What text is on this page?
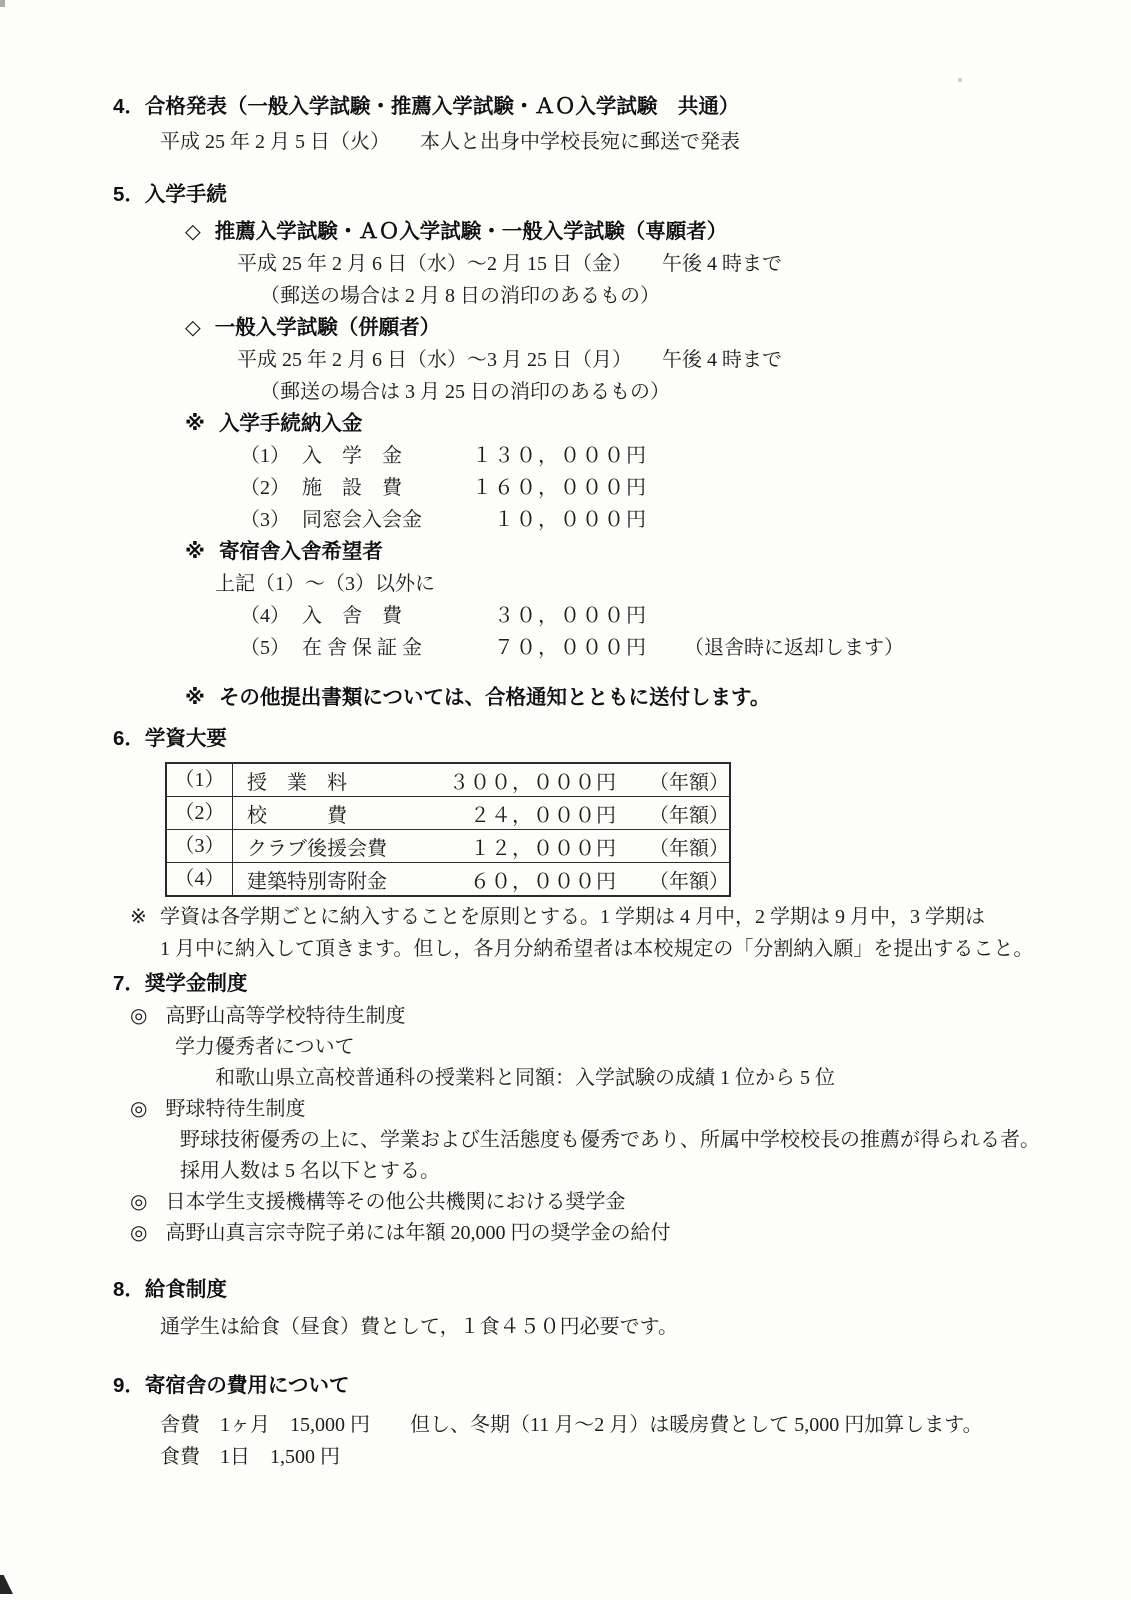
4．合格発表（一般入学試験・推薦入学試験・ＡＯ入学試験　共通）
平成 25 年 2 月 5 日（火）　　本人と出身中学校長宛に郵送で発表
5．入学手続
◇ 推薦入学試験・ＡＯ入学試験・一般入学試験（専願者）
平成 25 年 2 月 6 日（水）～2 月 15 日（金）　　午後 4 時まで
（郵送の場合は 2 月 8 日の消印のあるもの）
◇ 一般入学試験（併願者）
平成 25 年 2 月 6 日（水）～3 月 25 日（月）　　午後 4 時まで
（郵送の場合は 3 月 25 日の消印のあるもの）
※ 入学手続納入金
（1） 入　学　金	１３０，０００円
（2） 施　設　費	１６０，０００円
（3） 同窓会入会金	１０，０００円
※ 寄宿舎入舎希望者
上記（1）～（3）以外に
（4） 入　舎　費	３０，０００円
（5） 在 舎 保 証 金	７０，０００円 （退舎時に返却します）
※ その他提出書類については、合格通知とともに送付します。
6．学資大要
（1）	授　業　料	３００，０００円 （年額）
（2）	校　　　費	２４，０００円 （年額）
（3）	クラブ後援会費	１２，０００円 （年額）
（4）	建築特別寄附金	６０，０００円 （年額）
※ 学資は各学期ごとに納入することを原則とする。1 学期は 4 月中，2 学期は 9 月中，3 学期は
1 月中に納入して頂きます。但し，各月分納希望者は本校規定の「分割納入願」を提出すること。
7．奨学金制度
◎ 高野山高等学校特待生制度
学力優秀者について
和歌山県立高校普通科の授業料と同額：入学試験の成績 1 位から 5 位
◎ 野球特待生制度
野球技術優秀の上に、学業および生活態度も優秀であり、所属中学校校長の推薦が得られる者。
採用人数は 5 名以下とする。
◎ 日本学生支援機構等その他公共機関における奨学金
◎ 高野山真言宗寺院子弟には年額 20,000 円の奨学金の給付
8．給食制度
通学生は給食（昼食）費として，１食４５０円必要です。
9．寄宿舎の費用について
舎費　1ヶ月　15,000 円　　但し、冬期（11 月～2 月）は暖房費として 5,000 円加算します。
食費　1日　1,500 円
